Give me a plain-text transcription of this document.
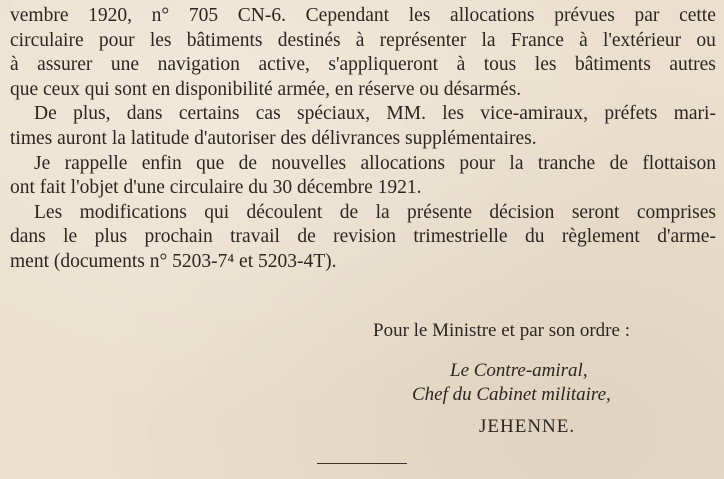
vembre 1920, n° 705 CN-6. Cependant les allocations prévues par cette
circulaire pour les bâtiments destinés à représenter la France à l'extérieur ou
à assurer une navigation active, s'appliqueront à tous les bâtiments autres
que ceux qui sont en disponibilité armée, en réserve ou désarmés.
De plus, dans certains cas spéciaux, MM. les vice-amiraux, préfets mari-
times auront la latitude d'autoriser des délivrances supplémentaires.
Je rappelle enfin que de nouvelles allocations pour la tranche de flottaison
ont fait l'objet d'une circulaire du 30 décembre 1921.
Les modifications qui découlent de la présente décision seront comprises
dans le plus prochain travail de revision trimestrielle du règlement d'arme-
ment (documents n° 5203-7⁴ et 5203-4T).
Pour le Ministre et par son ordre :
Le Contre-amiral,
Chef du Cabinet militaire,
JEHENNE.
